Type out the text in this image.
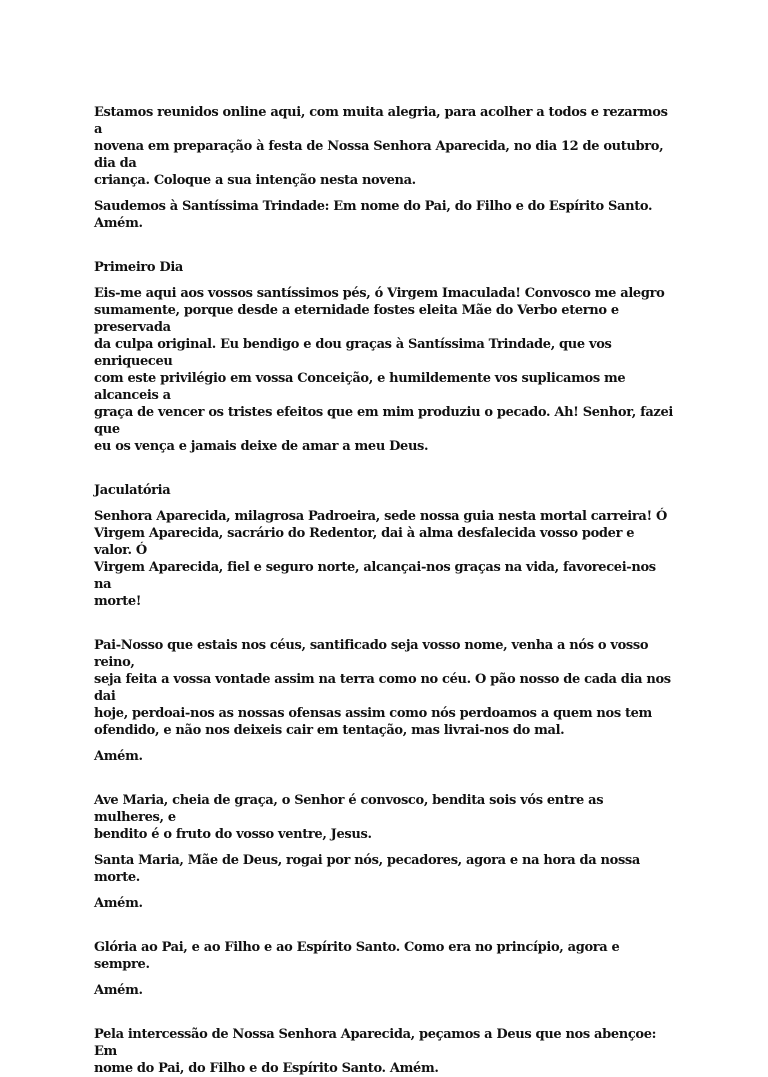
Estamos reunidos online aqui, com muita alegria, para acolher a todos e rezarmos a
novena em preparação à festa de Nossa Senhora Aparecida, no dia 12 de outubro, dia da
criança. Coloque a sua intenção nesta novena.

Saudemos à Santíssima Trindade: Em nome do Pai, do Filho e do Espírito Santo. Amém.

Primeiro Dia

Eis-me aqui aos vossos santíssimos pés, ó Virgem Imaculada! Convosco me alegro
sumamente, porque desde a eternidade fostes eleita Mãe do Verbo eterno e preservada
da culpa original. Eu bendigo e dou graças à Santíssima Trindade, que vos enriqueceu
com este privilégio em vossa Conceição, e humildemente vos suplicamos me alcanceis a
graça de vencer os tristes efeitos que em mim produziu o pecado. Ah! Senhor, fazei que
eu os vença e jamais deixe de amar a meu Deus.

Jaculatória

Senhora Aparecida, milagrosa Padroeira, sede nossa guia nesta mortal carreira! Ó
Virgem Aparecida, sacrário do Redentor, dai à alma desfalecida vosso poder e valor. Ó
Virgem Aparecida, fiel e seguro norte, alcançai-nos graças na vida, favorecei-nos na
morte!

Pai-Nosso que estais nos céus, santificado seja vosso nome, venha a nós o vosso reino,
seja feita a vossa vontade assim na terra como no céu. O pão nosso de cada dia nos dai
hoje, perdoai-nos as nossas ofensas assim como nós perdoamos a quem nos tem
ofendido, e não nos deixeis cair em tentação, mas livrai-nos do mal.

Amém.

Ave Maria, cheia de graça, o Senhor é convosco, bendita sois vós entre as mulheres, e
bendito é o fruto do vosso ventre, Jesus.

Santa Maria, Mãe de Deus, rogai por nós, pecadores, agora e na hora da nossa morte.

Amém.

Glória ao Pai, e ao Filho e ao Espírito Santo. Como era no princípio, agora e sempre.

Amém.

Pela intercessão de Nossa Senhora Aparecida, peçamos a Deus que nos abençoe: Em
nome do Pai, do Filho e do Espírito Santo. Amém.
